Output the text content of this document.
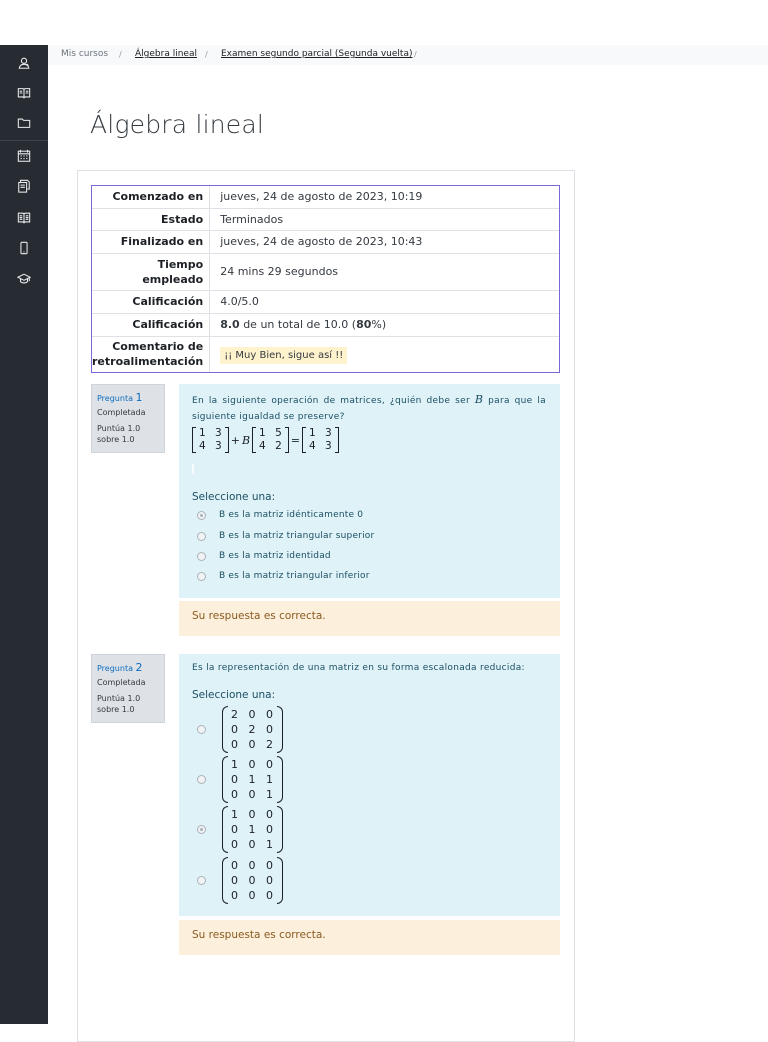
Mis cursos / Álgebra lineal / Examen segundo parcial (Segunda vuelta) /
Álgebra lineal
Comenzado en	jueves, 24 de agosto de 2023, 10:19
Estado	Terminados
Finalizado en	jueves, 24 de agosto de 2023, 10:43
Tiempo
empleado	24 mins 29 segundos
Calificación	4.0/5.0
Calificación	8.0 de un total de 10.0 (80%)
Comentario de
retroalimentación	¡¡ Muy Bien, sigue así !!
Pregunta 1
Completada
Puntúa 1.0
sobre 1.0
En la siguiente operación de matrices, ¿quién debe ser B para que la siguiente igualdad se preserve?
1 3
4 3 + B
1 5
4 2 =
1 3
4 3
Seleccione una:
B es la matriz idénticamente 0
B es la matriz triangular superior
B es la matriz identidad
B es la matriz triangular inferior
Su respuesta es correcta.
Pregunta 2
Completada
Puntúa 1.0
sobre 1.0
Es la representación de una matriz en su forma escalonada reducida:
Seleccione una:
2 0 0
0 2 0
0 0 2
1 0 0
0 1 1
0 0 1
1 0 0
0 1 0
0 0 1
0 0 0
0 0 0
0 0 0
Su respuesta es correcta.
